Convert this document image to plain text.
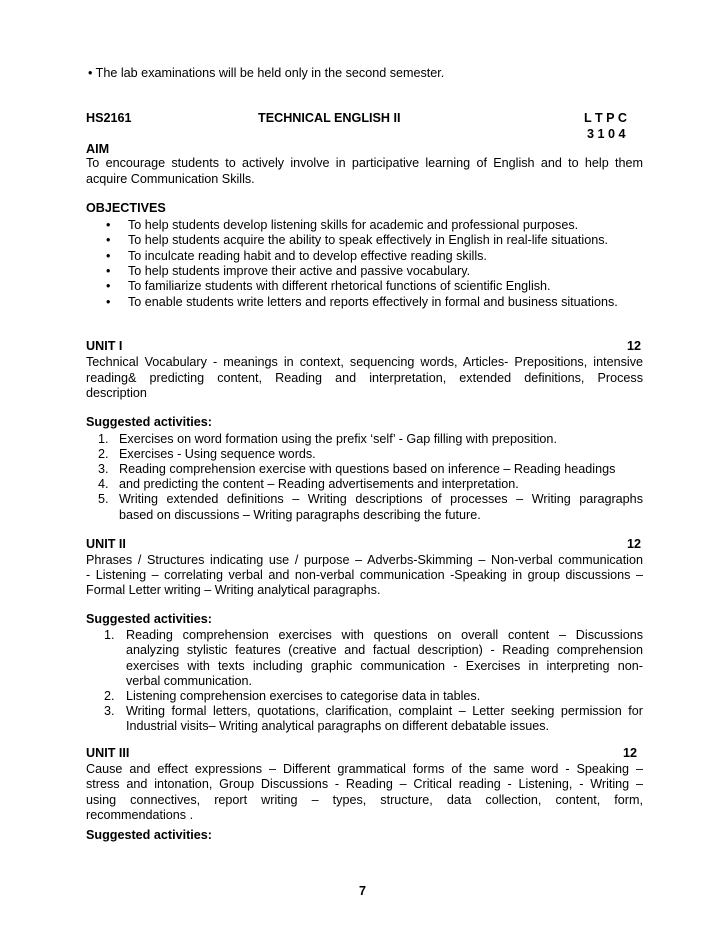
• The lab examinations will be held only in the second semester.
HS2161	TECHNICAL ENGLISH II	L T P C
3 1 0 4
AIM
To encourage students to actively involve in participative learning of English and to help them
acquire Communication Skills.
OBJECTIVES
• To help students develop listening skills for academic and professional purposes.
• To help students acquire the ability to speak effectively in English in real-life situations.
• To inculcate reading habit and to develop effective reading skills.
• To help students improve their active and passive vocabulary.
• To familiarize students with different rhetorical functions of scientific English.
• To enable students write letters and reports effectively in formal and business situations.
UNIT I	12
Technical Vocabulary - meanings in context, sequencing words, Articles- Prepositions, intensive
reading& predicting content, Reading and interpretation, extended definitions, Process
description
Suggested activities:
1. Exercises on word formation using the prefix ‘self’ - Gap filling with preposition.
2. Exercises - Using sequence words.
3. Reading comprehension exercise with questions based on inference – Reading headings
4. and predicting the content – Reading advertisements and interpretation.
5. Writing extended definitions – Writing descriptions of processes – Writing paragraphs
based on discussions – Writing paragraphs describing the future.
UNIT II	12
Phrases / Structures indicating use / purpose – Adverbs-Skimming – Non-verbal communication
- Listening – correlating verbal and non-verbal communication -Speaking in group discussions –
Formal Letter writing – Writing analytical paragraphs.
Suggested activities:
1. Reading comprehension exercises with questions on overall content – Discussions
analyzing stylistic features (creative and factual description) - Reading comprehension
exercises with texts including graphic communication - Exercises in interpreting non-
verbal communication.
2. Listening comprehension exercises to categorise data in tables.
3. Writing formal letters, quotations, clarification, complaint – Letter seeking permission for
Industrial visits– Writing analytical paragraphs on different debatable issues.
UNIT III	12
Cause and effect expressions – Different grammatical forms of the same word - Speaking –
stress and intonation, Group Discussions - Reading – Critical reading - Listening, - Writing –
using connectives, report writing – types, structure, data collection, content, form,
recommendations .
Suggested activities:
7
